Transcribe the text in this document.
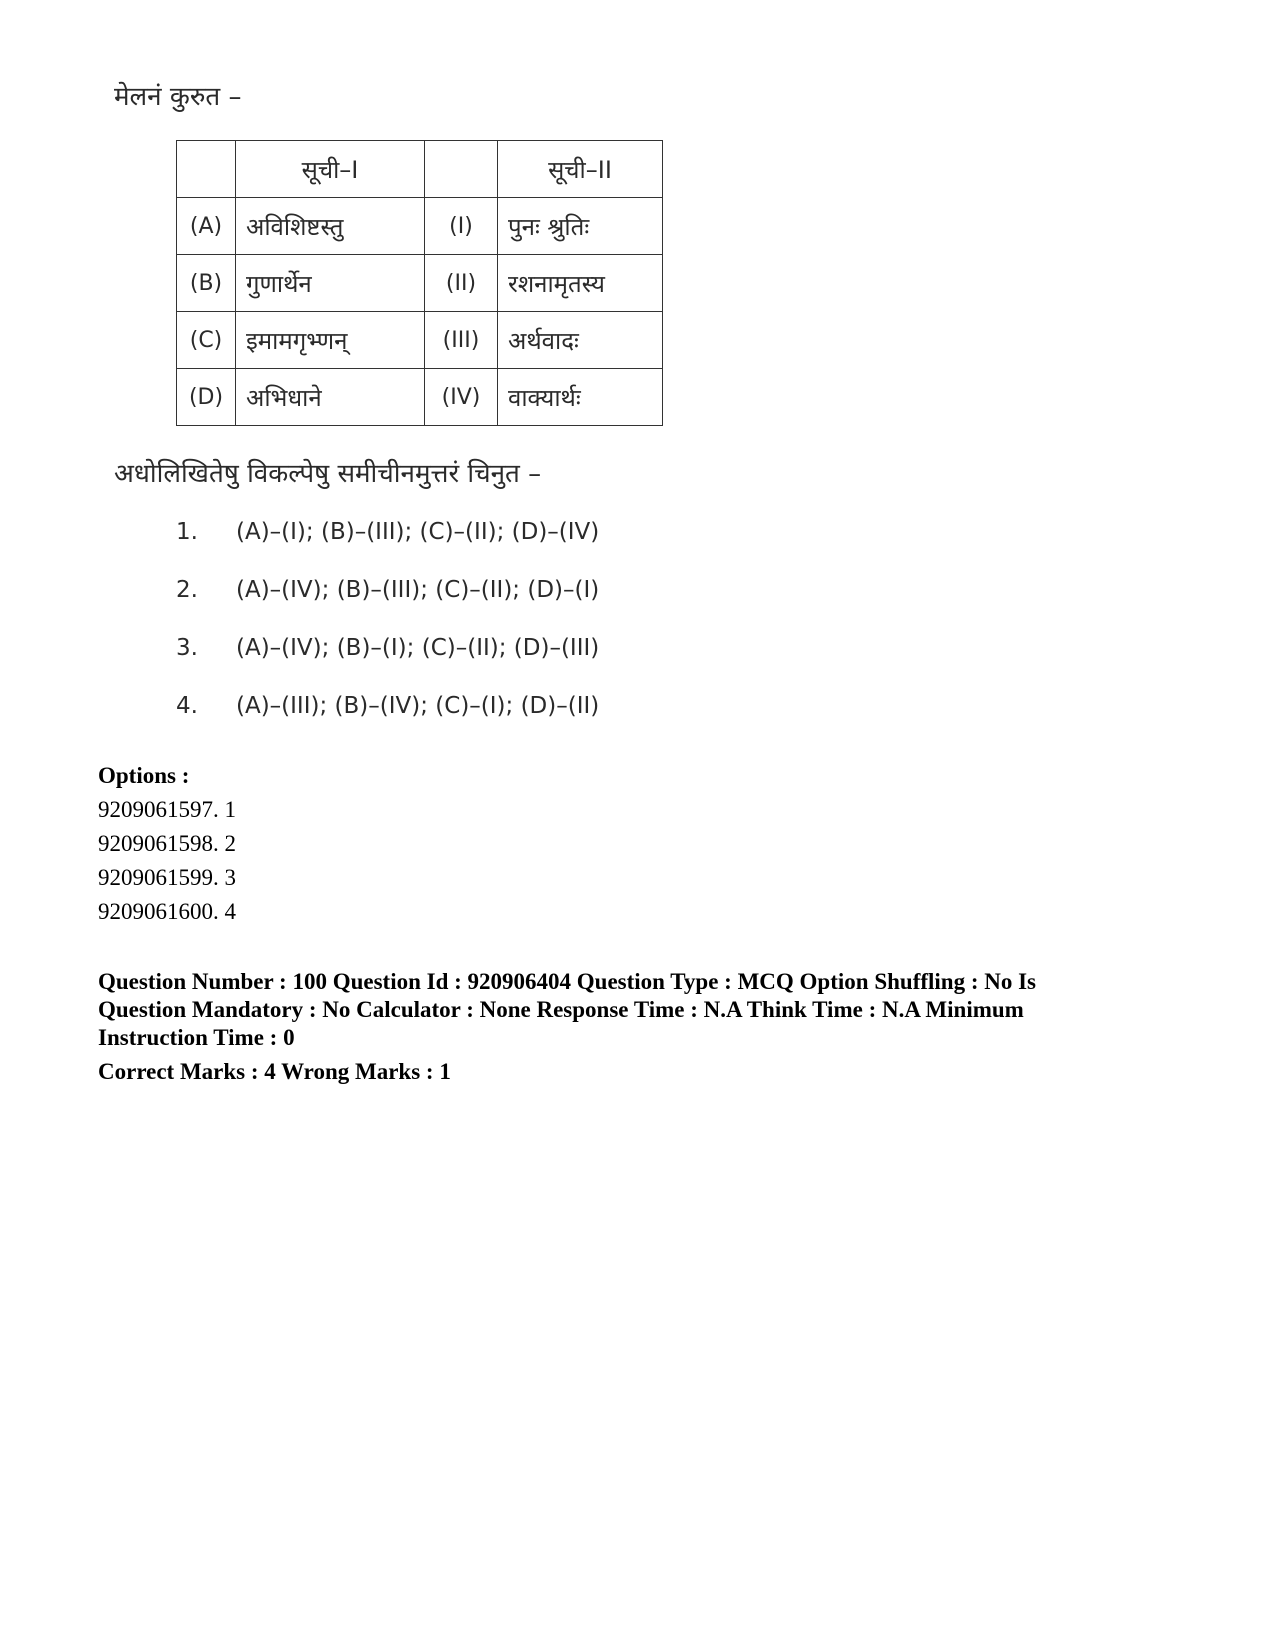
मेलनं कुरुत –
	सूची–I		सूची–II
(A)	अविशिष्टस्तु	(I)	पुनः श्रुतिः
(B)	गुणार्थेन	(II)	रशनामृतस्य
(C)	इमामगृभ्णन्	(III)	अर्थवादः
(D)	अभिधाने	(IV)	वाक्यार्थः
अधोलिखितेषु विकल्पेषु समीचीनमुत्तरं चिनुत –
1. (A)–(I); (B)–(III); (C)–(II); (D)–(IV)
2. (A)–(IV); (B)–(III); (C)–(II); (D)–(I)
3. (A)–(IV); (B)–(I); (C)–(II); (D)–(III)
4. (A)–(III); (B)–(IV); (C)–(I); (D)–(II)
Options :
9209061597. 1
9209061598. 2
9209061599. 3
9209061600. 4
Question Number : 100 Question Id : 920906404 Question Type : MCQ Option Shuffling : No Is
Question Mandatory : No Calculator : None Response Time : N.A Think Time : N.A Minimum
Instruction Time : 0
Correct Marks : 4 Wrong Marks : 1
